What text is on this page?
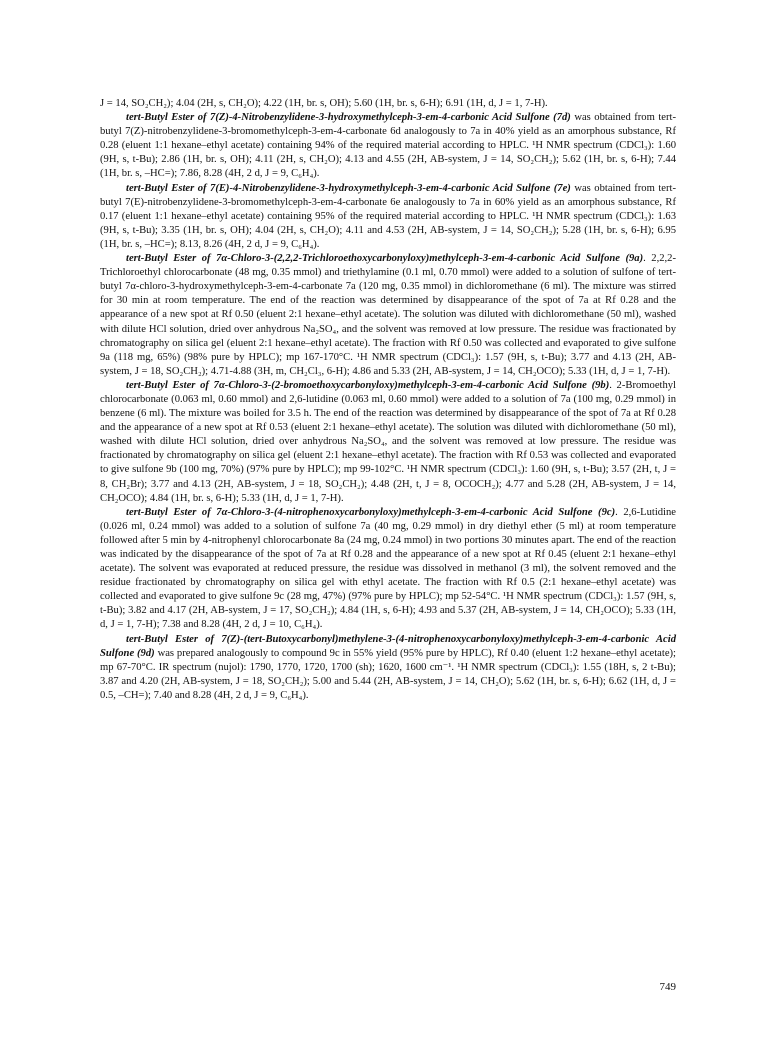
J = 14, SO₂CH₂); 4.04 (2H, s, CH₂O); 4.22 (1H, br. s, OH); 5.60 (1H, br. s, 6-H); 6.91 (1H, d, J = 1, 7-H).

tert-Butyl Ester of 7(Z)-4-Nitrobenzylidene-3-hydroxymethylceph-3-em-4-carbonic Acid Sulfone (7d) was obtained from tert-butyl 7(Z)-nitrobenzylidene-3-bromomethylceph-3-em-4-carbonate 6d analogously to 7a in 40% yield as an amorphous substance, Rf 0.28 (eluent 1:1 hexane–ethyl acetate) containing 94% of the required material according to HPLC. ¹H NMR spectrum (CDCl₃): 1.60 (9H, s, t-Bu); 2.86 (1H, br. s, OH); 4.11 (2H, s, CH₂O); 4.13 and 4.55 (2H, AB-system, J = 14, SO₂CH₂); 5.62 (1H, br. s, 6-H); 7.44 (1H, br. s, –HC=); 7.86, 8.28 (4H, 2 d, J = 9, C₆H₄).

tert-Butyl Ester of 7(E)-4-Nitrobenzylidene-3-hydroxymethylceph-3-em-4-carbonic Acid Sulfone (7e) was obtained from tert-butyl 7(E)-nitrobenzylidene-3-bromomethylceph-3-em-4-carbonate 6e analogously to 7a in 60% yield as an amorphous substance, Rf 0.17 (eluent 1:1 hexane–ethyl acetate) containing 95% of the required material according to HPLC. ¹H NMR spectrum (CDCl₃): 1.63 (9H, s, t-Bu); 3.35 (1H, br. s, OH); 4.04 (2H, s, CH₂O); 4.11 and 4.53 (2H, AB-system, J = 14, SO₂CH₂); 5.28 (1H, br. s, 6-H); 6.95 (1H, br. s, –HC=); 8.13, 8.26 (4H, 2 d, J = 9, C₆H₄).

tert-Butyl Ester of 7α-Chloro-3-(2,2,2-Trichloroethoxycarbonyloxy)methylceph-3-em-4-carbonic Acid Sulfone (9a). 2,2,2-Trichloroethyl chlorocarbonate (48 mg, 0.35 mmol) and triethylamine (0.1 ml, 0.70 mmol) were added to a solution of sulfone of tert-butyl 7α-chloro-3-hydroxymethylceph-3-em-4-carbonate 7a (120 mg, 0.35 mmol) in dichloromethane (6 ml). The mixture was stirred for 30 min at room temperature. The end of the reaction was determined by disappearance of the spot of 7a at Rf 0.28 and the appearance of a new spot at Rf 0.50 (eluent 2:1 hexane–ethyl acetate). The solution was diluted with dichloromethane (50 ml), washed with dilute HCl solution, dried over anhydrous Na₂SO₄, and the solvent was removed at low pressure. The residue was fractionated by chromatography on silica gel (eluent 2:1 hexane–ethyl acetate). The fraction with Rf 0.50 was collected and evaporated to give sulfone 9a (118 mg, 65%) (98% pure by HPLC); mp 167-170°C. ¹H NMR spectrum (CDCl₃): 1.57 (9H, s, t-Bu); 3.77 and 4.13 (2H, AB-system, J = 18, SO₂CH₂); 4.71-4.88 (3H, m, CH₂Cl₃, 6-H); 4.86 and 5.33 (2H, AB-system, J = 14, CH₂OCO); 5.33 (1H, d, J = 1, 7-H).

tert-Butyl Ester of 7α-Chloro-3-(2-bromoethoxycarbonyloxy)methylceph-3-em-4-carbonic Acid Sulfone (9b). 2-Bromoethyl chlorocarbonate (0.063 ml, 0.60 mmol) and 2,6-lutidine (0.063 ml, 0.60 mmol) were added to a solution of 7a (100 mg, 0.29 mmol) in benzene (6 ml). The mixture was boiled for 3.5 h. The end of the reaction was determined by disappearance of the spot of 7a at Rf 0.28 and the appearance of a new spot at Rf 0.53 (eluent 2:1 hexane–ethyl acetate). The solution was diluted with dichloromethane (50 ml), washed with dilute HCl solution, dried over anhydrous Na₂SO₄, and the solvent was removed at low pressure. The residue was fractionated by chromatography on silica gel (eluent 2:1 hexane–ethyl acetate). The fraction with Rf 0.53 was collected and evaporated to give sulfone 9b (100 mg, 70%) (97% pure by HPLC); mp 99-102°C. ¹H NMR spectrum (CDCl₃): 1.60 (9H, s, t-Bu); 3.57 (2H, t, J = 8, CH₂Br); 3.77 and 4.13 (2H, AB-system, J = 18, SO₂CH₂); 4.48 (2H, t, J = 8, OCOCH₂); 4.77 and 5.28 (2H, AB-system, J = 14, CH₂OCO); 4.84 (1H, br. s, 6-H); 5.33 (1H, d, J = 1, 7-H).

tert-Butyl Ester of 7α-Chloro-3-(4-nitrophenoxycarbonyloxy)methylceph-3-em-4-carbonic Acid Sulfone (9c). 2,6-Lutidine (0.026 ml, 0.24 mmol) was added to a solution of sulfone 7a (40 mg, 0.29 mmol) in dry diethyl ether (5 ml) at room temperature followed after 5 min by 4-nitrophenyl chlorocarbonate 8a (24 mg, 0.24 mmol) in two portions 30 minutes apart. The end of the reaction was indicated by the disappearance of the spot of 7a at Rf 0.28 and the appearance of a new spot at Rf 0.45 (eluent 2:1 hexane–ethyl acetate). The solvent was evaporated at reduced pressure, the residue was dissolved in methanol (3 ml), the solvent removed and the residue fractionated by chromatography on silica gel with ethyl acetate. The fraction with Rf 0.5 (2:1 hexane–ethyl acetate) was collected and evaporated to give sulfone 9c (28 mg, 47%) (97% pure by HPLC); mp 52-54°C. ¹H NMR spectrum (CDCl₃): 1.57 (9H, s, t-Bu); 3.82 and 4.17 (2H, AB-system, J = 17, SO₂CH₂); 4.84 (1H, s, 6-H); 4.93 and 5.37 (2H, AB-system, J = 14, CH₂OCO); 5.33 (1H, d, J = 1, 7-H); 7.38 and 8.28 (4H, 2 d, J = 10, C₆H₄).

tert-Butyl Ester of 7(Z)-(tert-Butoxycarbonyl)methylene-3-(4-nitrophenoxycarbonyloxy)methylceph-3-em-4-carbonic Acid Sulfone (9d) was prepared analogously to compound 9c in 55% yield (95% pure by HPLC), Rf 0.40 (eluent 1:2 hexane–ethyl acetate); mp 67-70°C. IR spectrum (nujol): 1790, 1770, 1720, 1700 (sh); 1620, 1600 cm⁻¹. ¹H NMR spectrum (CDCl₃): 1.55 (18H, s, 2 t-Bu); 3.87 and 4.20 (2H, AB-system, J = 18, SO₂CH₂); 5.00 and 5.44 (2H, AB-system, J = 14, CH₂O); 5.62 (1H, br. s, 6-H); 6.62 (1H, d, J = 0.5, –CH=); 7.40 and 8.28 (4H, 2 d, J = 9, C₆H₄).

749
